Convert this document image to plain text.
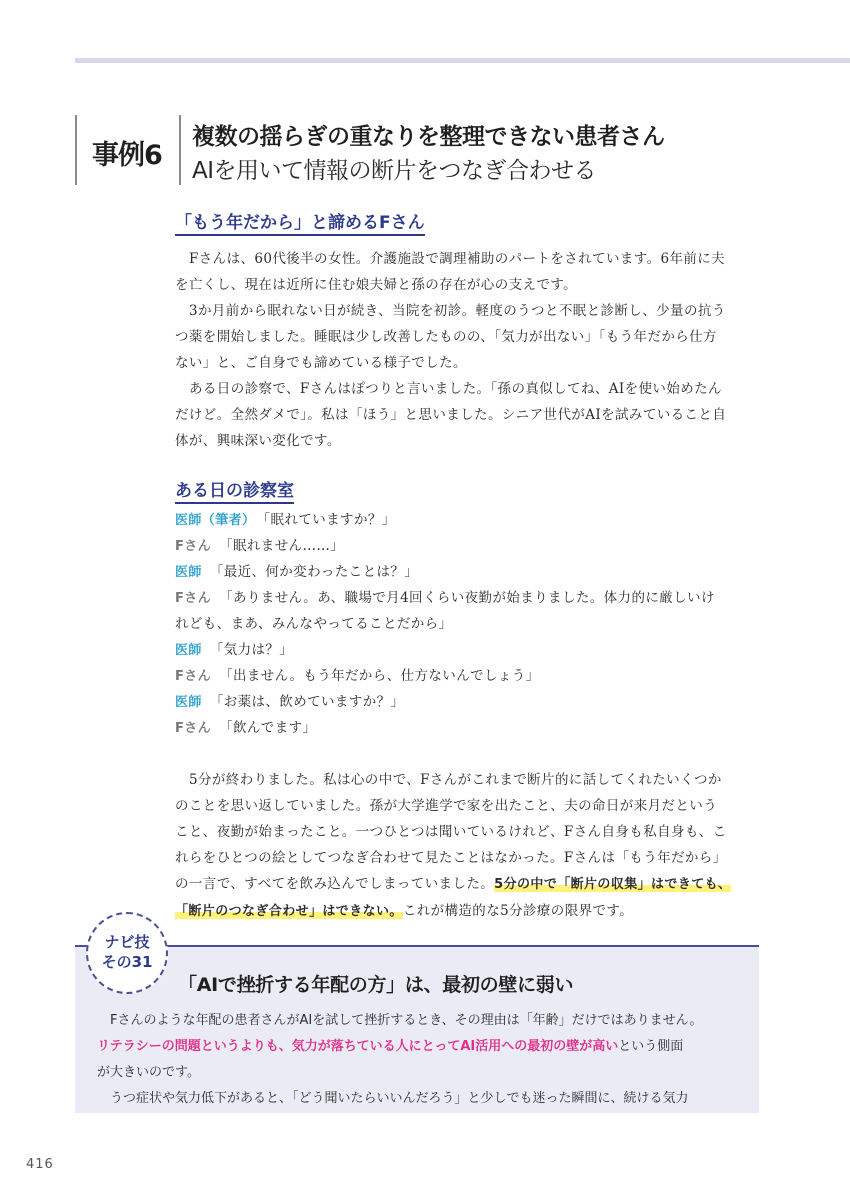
事例6
複数の揺らぎの重なりを整理できない患者さん
AIを用いて情報の断片をつなぎ合わせる
「もう年だから」と諦めるFさん
Fさんは、60代後半の女性。介護施設で調理補助のパートをされています。6年前に夫
を亡くし、現在は近所に住む娘夫婦と孫の存在が心の支えです。
3か月前から眠れない日が続き、当院を初診。軽度のうつと不眠と診断し、少量の抗う
つ薬を開始しました。睡眠は少し改善したものの、「気力が出ない」「もう年だから仕方
ない」と、ご自身でも諦めている様子でした。
ある日の診察で、Fさんはぽつりと言いました。「孫の真似してね、AIを使い始めたん
だけど。全然ダメで」。私は「ほう」と思いました。シニア世代がAIを試みていること自
体が、興味深い変化です。
ある日の診察室
医師（筆者） 「眠れていますか？」
Fさん 「眠れません……」
医師 「最近、何か変わったことは？」
Fさん 「ありません。あ、職場で月4回くらい夜勤が始まりました。体力的に厳しいけ
れども、まあ、みんなやってることだから」
医師 「気力は？」
Fさん 「出ません。もう年だから、仕方ないんでしょう」
医師 「お薬は、飲めていますか？」
Fさん 「飲んでます」
5分が終わりました。私は心の中で、Fさんがこれまで断片的に話してくれたいくつか
のことを思い返していました。孫が大学進学で家を出たこと、夫の命日が来月だという
こと、夜勤が始まったこと。一つひとつは聞いているけれど、Fさん自身も私自身も、こ
れらをひとつの絵としてつなぎ合わせて見たことはなかった。Fさんは「もう年だから」
の一言で、すべてを飲み込んでしまっていました。5分の中で「断片の収集」はできても、
「断片のつなぎ合わせ」はできない。これが構造的な5分診療の限界です。
ナビ技
その31
「AIで挫折する年配の方」は、最初の壁に弱い
Fさんのような年配の患者さんがAIを試して挫折するとき、その理由は「年齢」だけではありません。
リテラシーの問題というよりも、気力が落ちている人にとってAI活用への最初の壁が高いという側面
が大きいのです。
うつ症状や気力低下があると、「どう聞いたらいいんだろう」と少しでも迷った瞬間に、続ける気力
416
